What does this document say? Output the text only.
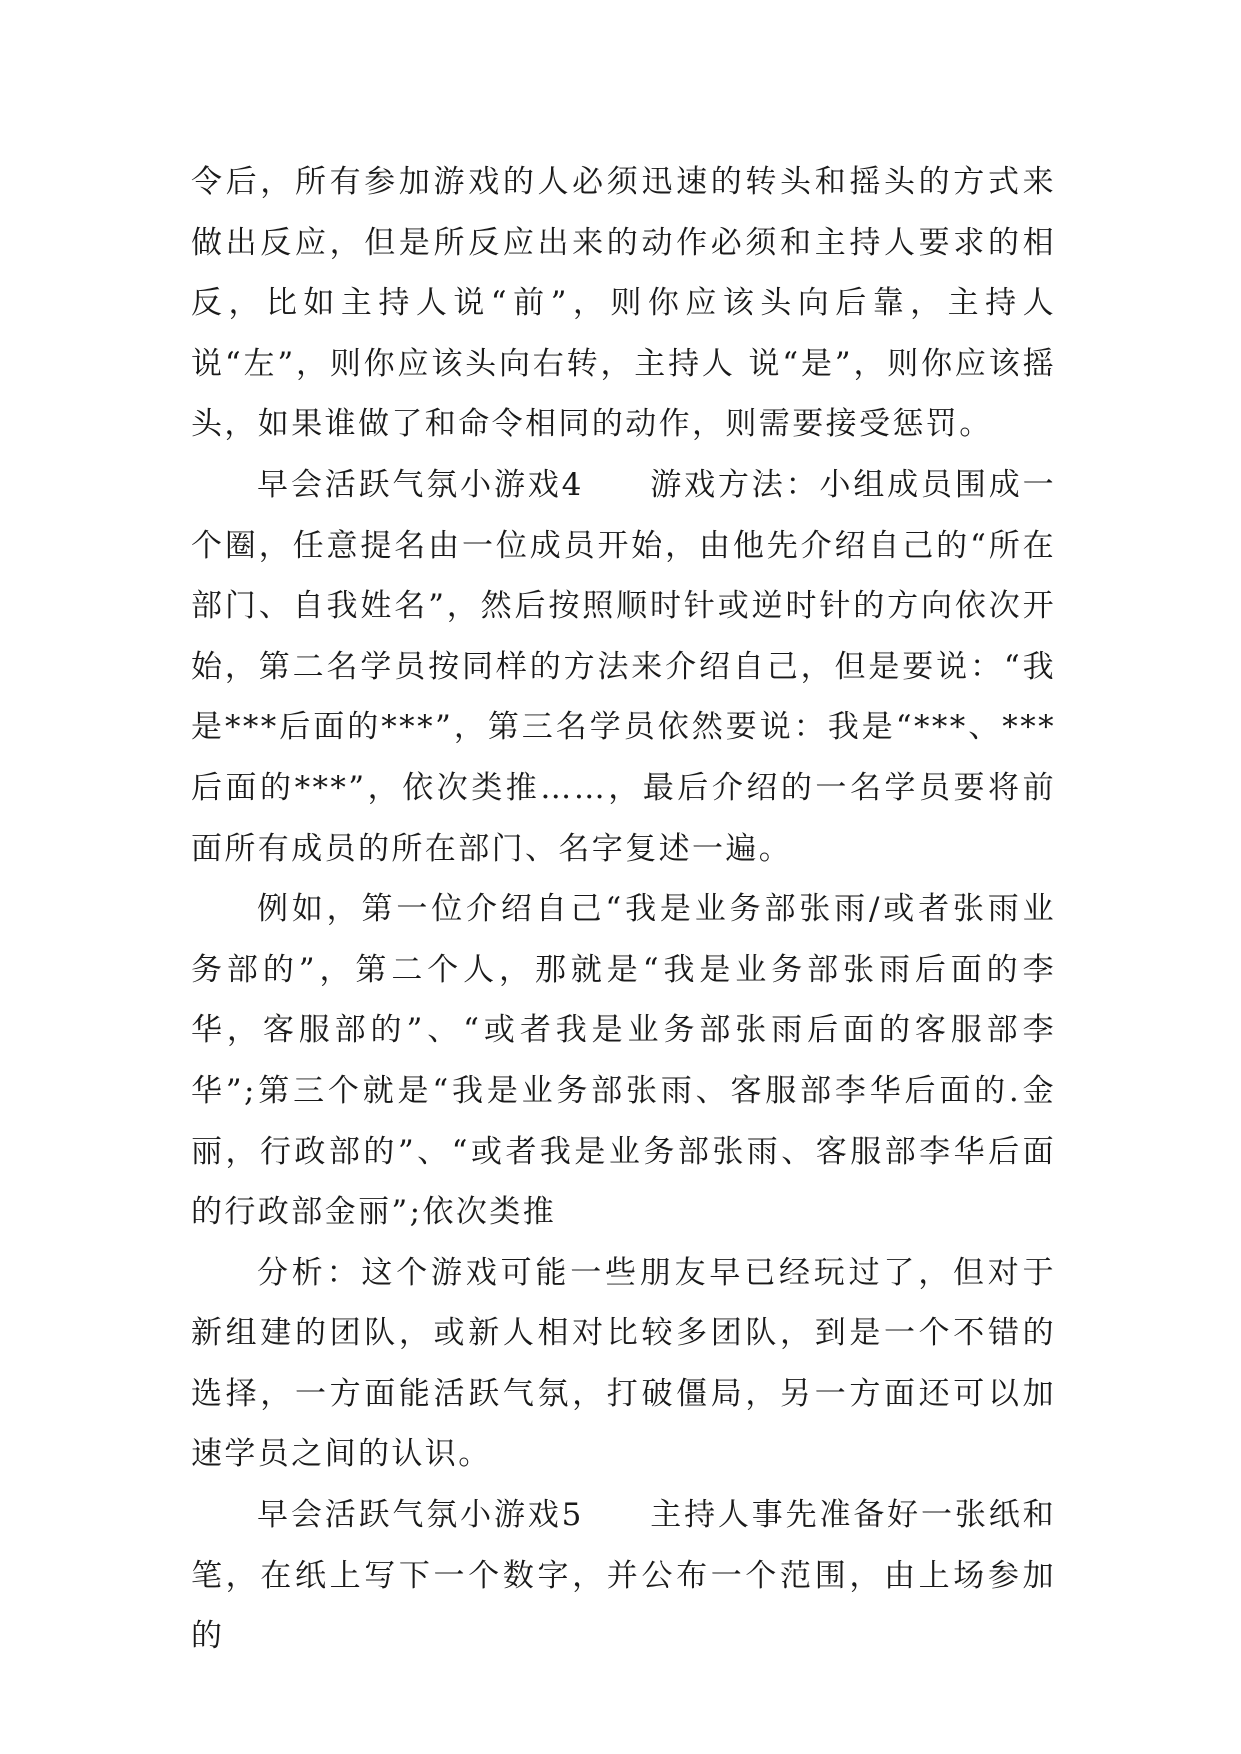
令后，所有参加游戏的人必须迅速的转头和摇头的方式来做出反应，但是所反应出来的动作必须和主持人要求的相反，比如主持人说“前”，则你应该头向后靠，主持人说“左”，则你应该头向右转，主持人 说“是”，则你应该摇头，如果谁做了和命令相同的动作，则需要接受惩罚。

早会活跃气氛小游戏4 游戏方法：小组成员围成一个圈，任意提名由一位成员开始，由他先介绍自己的“所在部门、自我姓名”，然后按照顺时针或逆时针的方向依次开始，第二名学员按同样的方法来介绍自己，但是要说：“我是***后面的***”，第三名学员依然要说：我是“***、***后面的***”，依次类推……，最后介绍的一名学员要将前面所有成员的所在部门、名字复述一遍。

例如，第一位介绍自己“我是业务部张雨/或者张雨业务部的”，第二个人，那就是“我是业务部张雨后面的李华，客服部的”、“或者我是业务部张雨后面的客服部李华”;第三个就是“我是业务部张雨、客服部李华后面的.金丽，行政部的”、“或者我是业务部张雨、客服部李华后面的行政部金丽”;依次类推

分析：这个游戏可能一些朋友早已经玩过了，但对于新组建的团队，或新人相对比较多团队，到是一个不错的选择，一方面能活跃气氛，打破僵局，另一方面还可以加速学员之间的认识。

早会活跃气氛小游戏5 主持人事先准备好一张纸和笔，在纸上写下一个数字，并公布一个范围，由上场参加的
